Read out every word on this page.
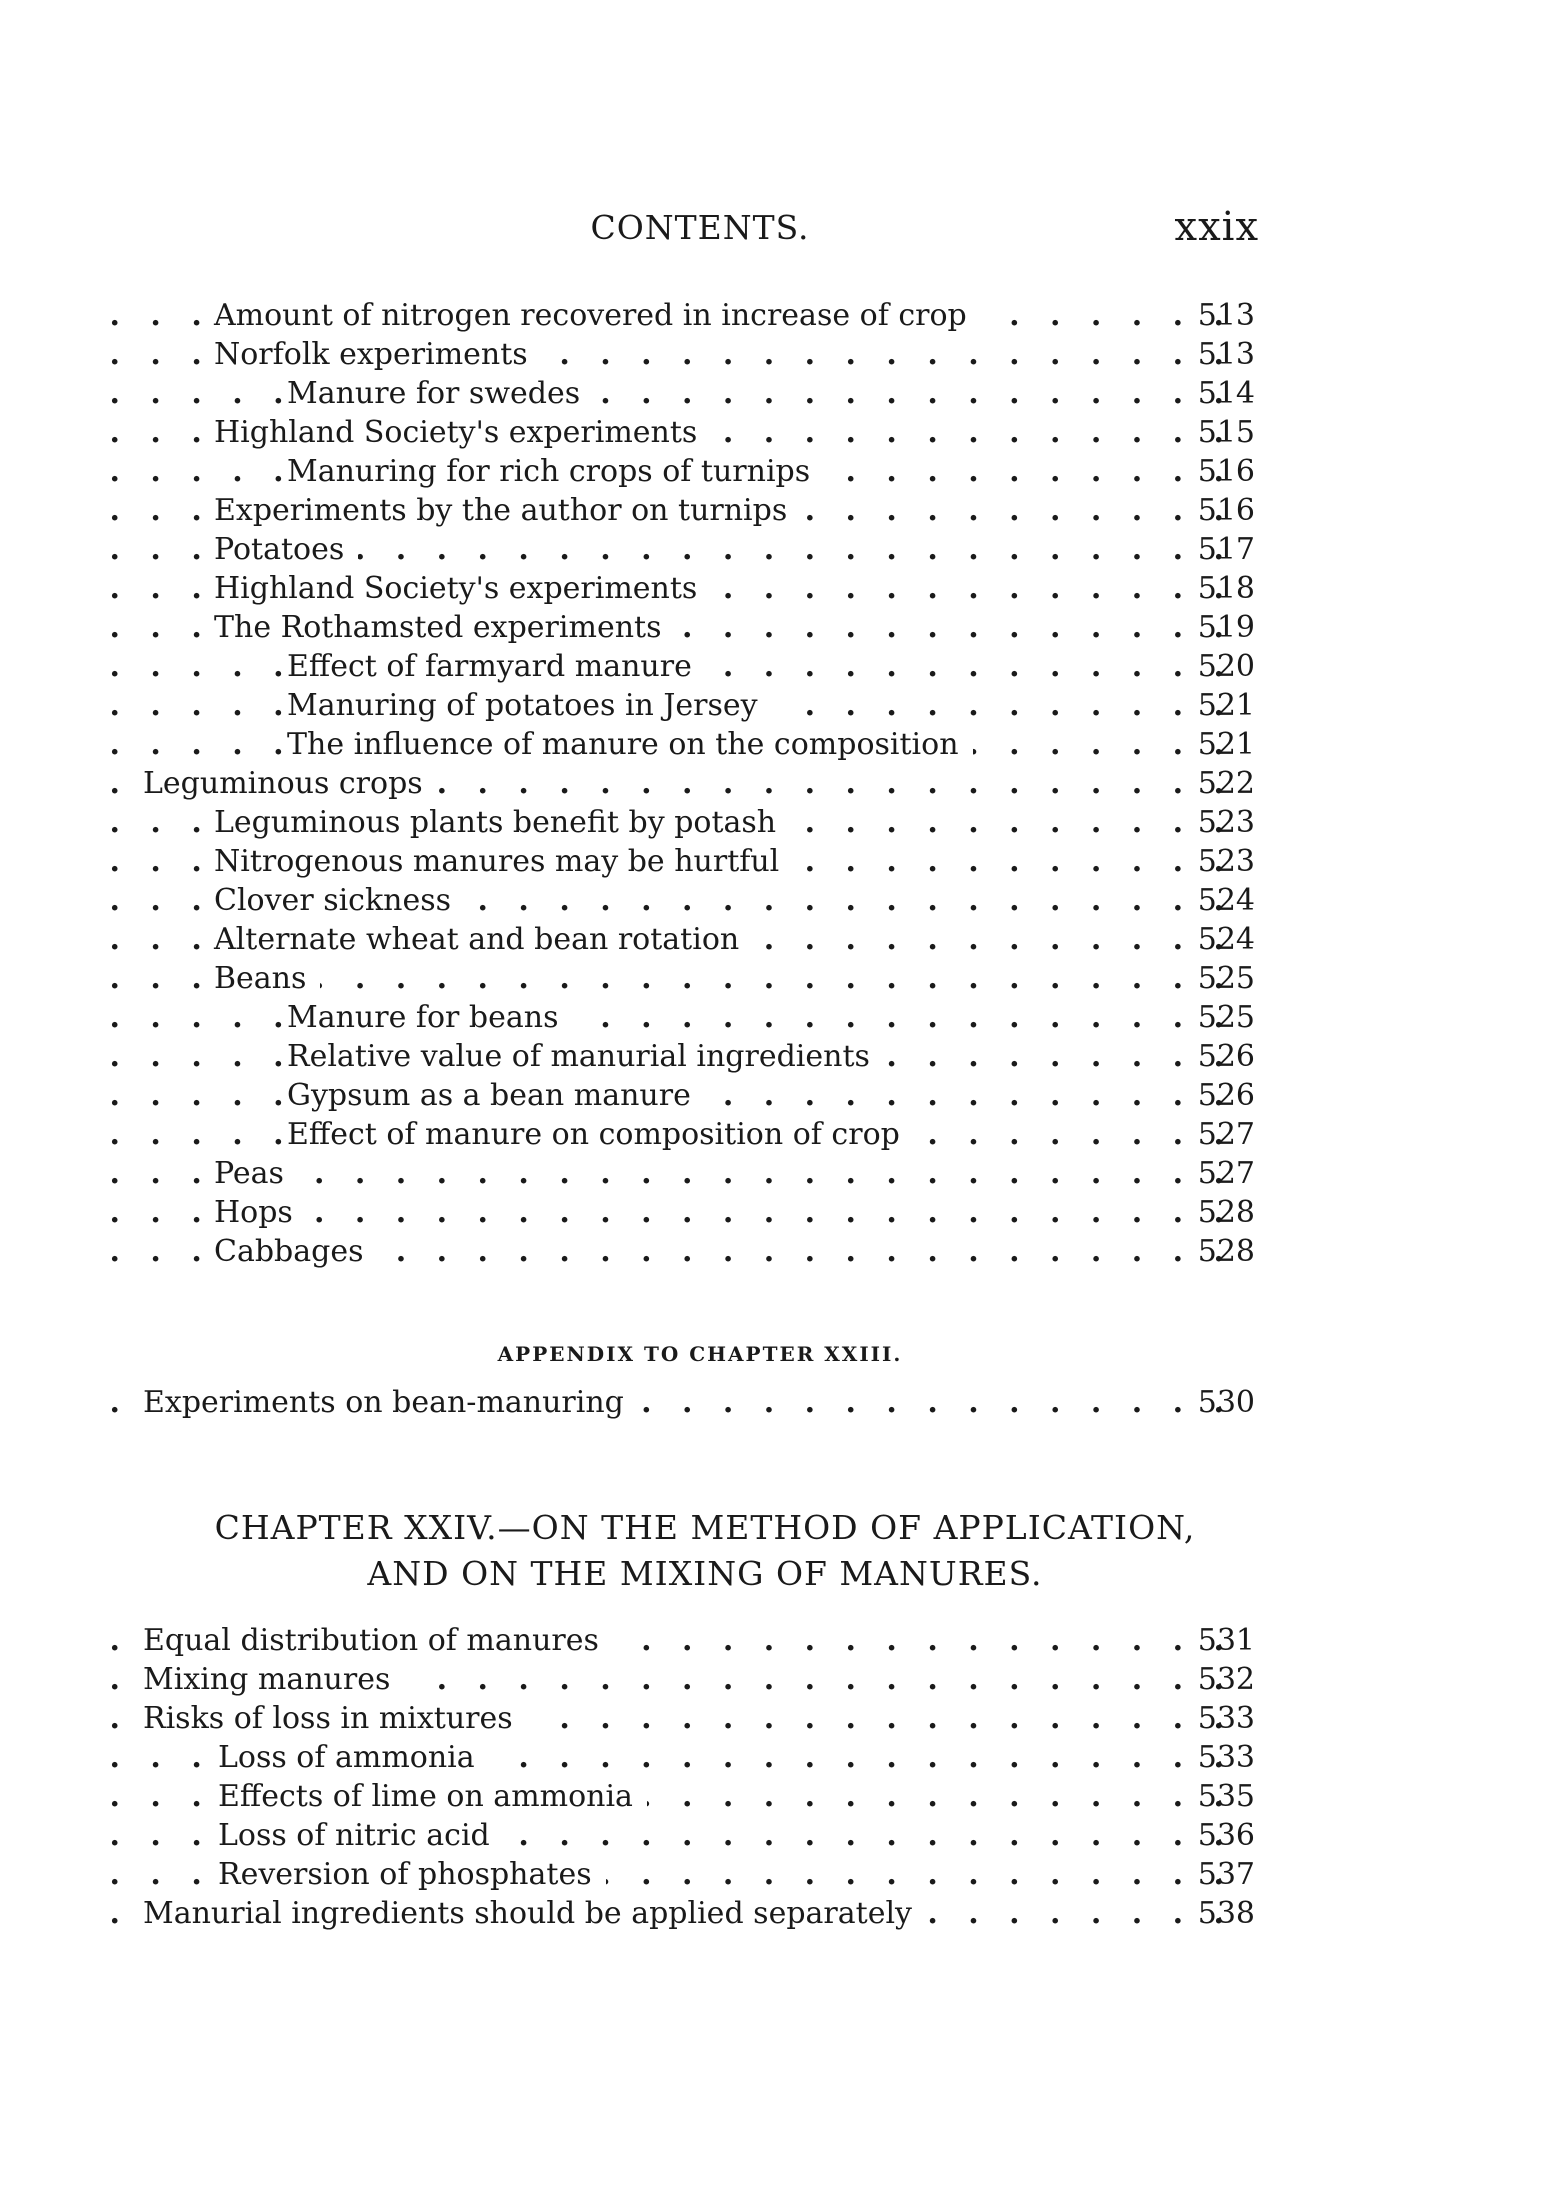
CONTENTS.	xxix
. .
Amount of nitrogen recovered in increase of crop	513
. .
Norfolk experiments	513
. .
Manure for swedes	514
. .
Highland Society's experiments	515
. .
Manuring for rich crops of turnips	516
. .
Experiments by the author on turnips	516
. .
Potatoes	517
. .
Highland Society's experiments	518
. .
The Rothamsted experiments	519
. .
Effect of farmyard manure	520
. .
Manuring of potatoes in Jersey	521
. .
The influence of manure on the composition	521
. .
Leguminous crops	522
. .
Leguminous plants benefit by potash	523
. .
Nitrogenous manures may be hurtful	523
. .
Clover sickness	524
. .
Alternate wheat and bean rotation	524
. .
Beans	525
. .
Manure for beans	525
. .
Relative value of manurial ingredients	526
. .
Gypsum as a bean manure	526
. .
Effect of manure on composition of crop	527
. .
Peas	527
. .
Hops	528
. .
Cabbages	528
APPENDIX TO CHAPTER XXIII.
. .
Experiments on bean-manuring	530
CHAPTER XXIV.—ON THE METHOD OF APPLICATION,
AND ON THE MIXING OF MANURES.
. .
Equal distribution of manures	531
. .
Mixing manures	532
. .
Risks of loss in mixtures	533
. .
Loss of ammonia	533
. .
Effects of lime on ammonia	535
. .
Loss of nitric acid	536
. .
Reversion of phosphates	537
. .
Manurial ingredients should be applied separately	538
